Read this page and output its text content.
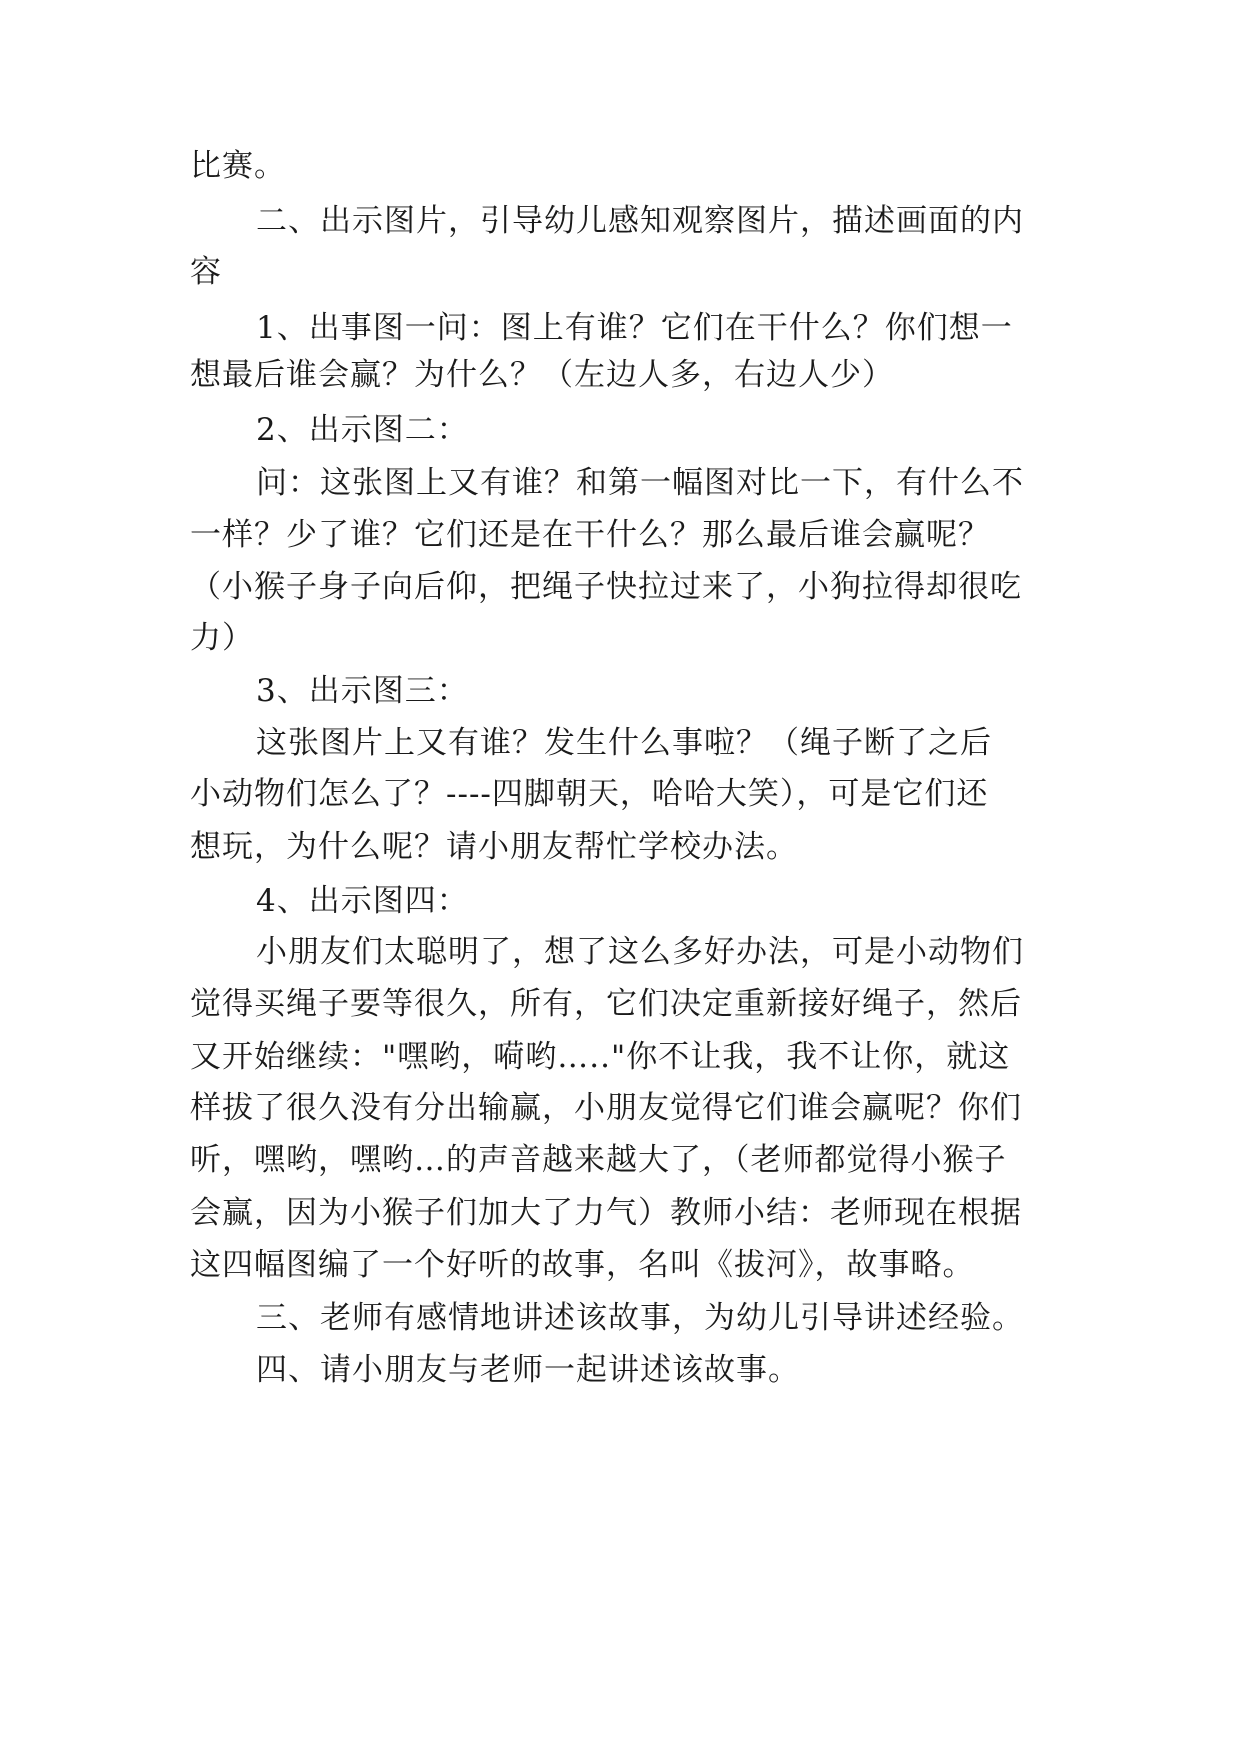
比赛。
二、出示图片，引导幼儿感知观察图片，描述画面的内
容
1、出事图一问：图上有谁？它们在干什么？你们想一
想最后谁会赢？为什么？（左边人多，右边人少）
2、出示图二：
问：这张图上又有谁？和第一幅图对比一下，有什么不
一样？少了谁？它们还是在干什么？那么最后谁会赢呢？
（小猴子身子向后仰，把绳子快拉过来了，小狗拉得却很吃
力）
3、出示图三：
这张图片上又有谁？发生什么事啦？（绳子断了之后
小动物们怎么了？----四脚朝天，哈哈大笑），可是它们还
想玩，为什么呢？请小朋友帮忙学校办法。
4、出示图四：
小朋友们太聪明了，想了这么多好办法，可是小动物们
觉得买绳子要等很久，所有，它们决定重新接好绳子，然后
又开始继续："嘿哟，嗬哟….."你不让我，我不让你，就这
样拔了很久没有分出输赢，小朋友觉得它们谁会赢呢？你们
听，嘿哟，嘿哟…的声音越来越大了，（老师都觉得小猴子
会赢，因为小猴子们加大了力气）教师小结：老师现在根据
这四幅图编了一个好听的故事，名叫《拔河》，故事略。
三、老师有感情地讲述该故事，为幼儿引导讲述经验。
四、请小朋友与老师一起讲述该故事。
